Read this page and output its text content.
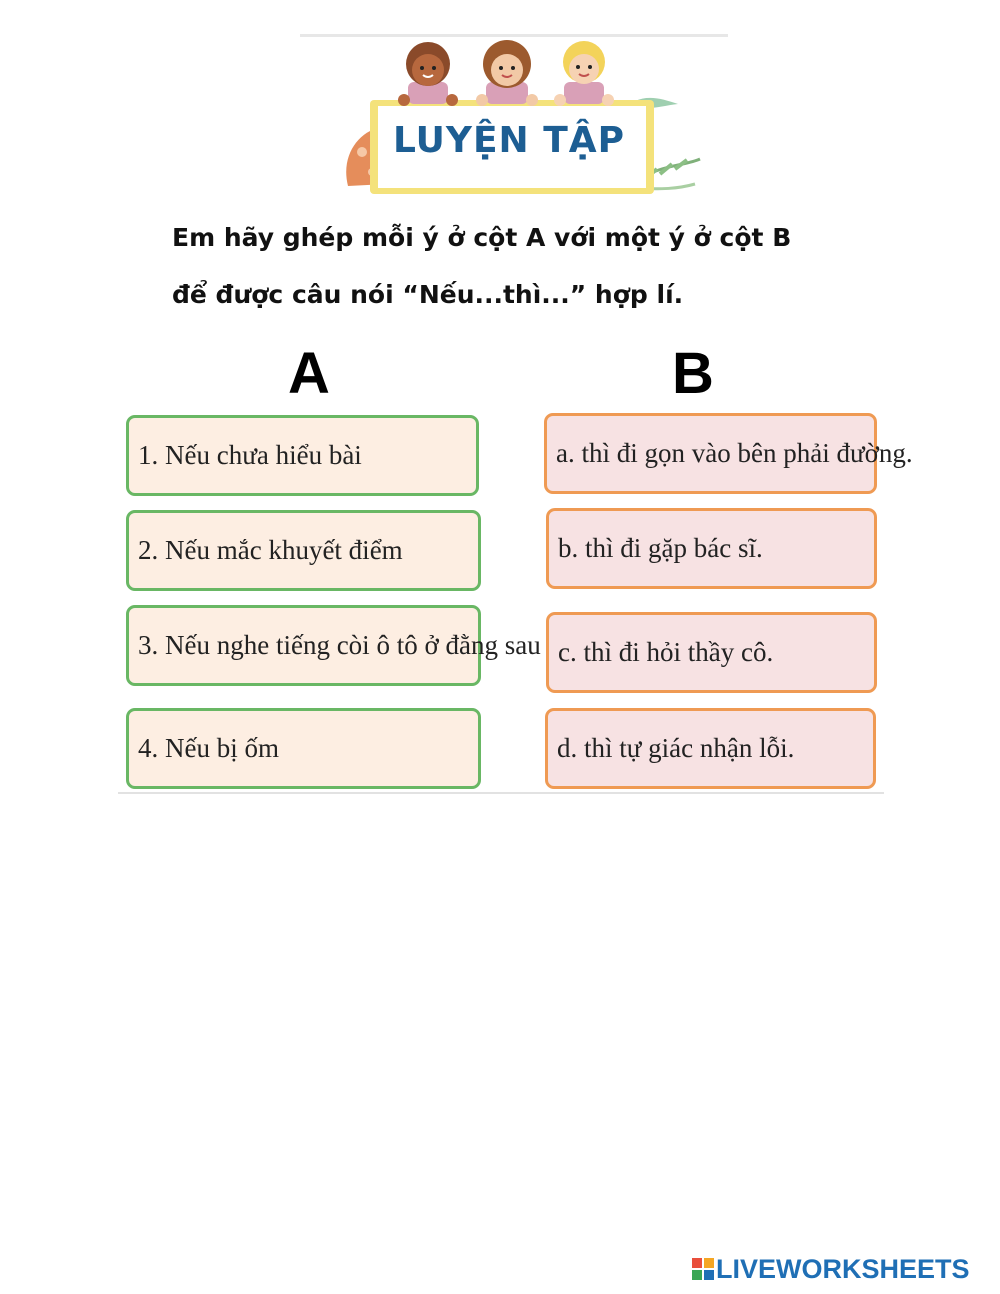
LUYỆN TẬP
Em hãy ghép mỗi ý ở cột A với một ý ở cột B
để được câu nói “Nếu...thì...” hợp lí.
A	B
1. Nếu chưa hiểu bài
2. Nếu mắc khuyết điểm
3. Nếu nghe tiếng còi ô tô ở đằng sau
4. Nếu bị ốm
a. thì đi gọn vào bên phải đường.
b. thì đi gặp bác sĩ.
c. thì đi hỏi thầy cô.
d. thì tự giác nhận lỗi.
LIVEWORKSHEETS
